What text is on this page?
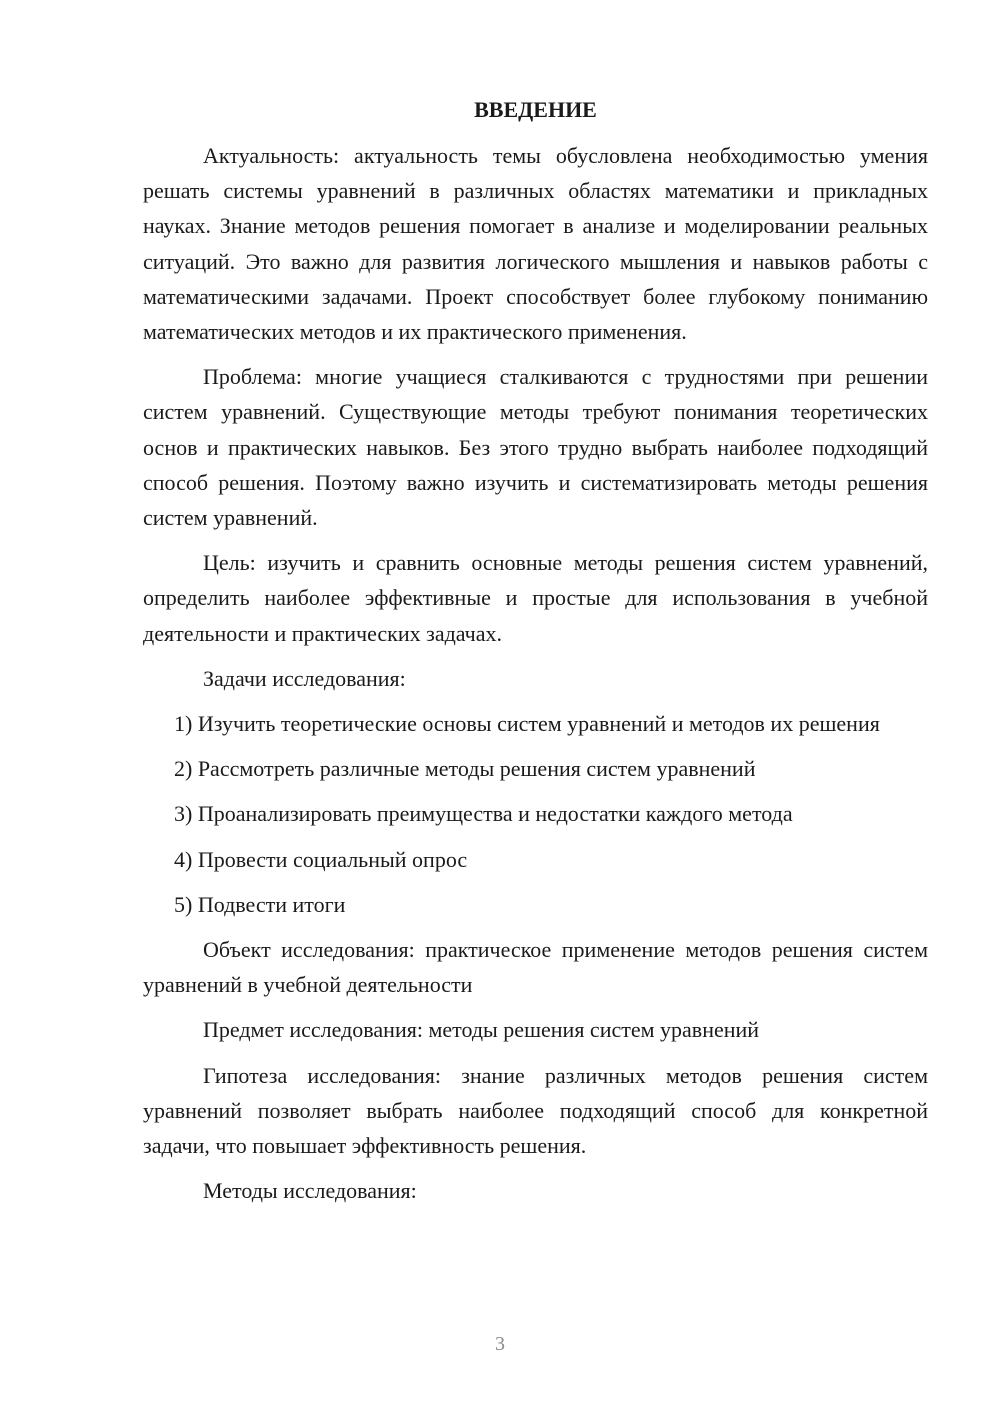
ВВЕДЕНИЕ

Актуальность: актуальность темы обусловлена необходимостью умения решать системы уравнений в различных областях математики и прикладных науках. Знание методов решения помогает в анализе и моделировании реальных ситуаций. Это важно для развития логического мышления и навыков работы с математическими задачами. Проект способствует более глубокому пониманию математических методов и их практического применения.

Проблема: многие учащиеся сталкиваются с трудностями при решении систем уравнений. Существующие методы требуют понимания теоретических основ и практических навыков. Без этого трудно выбрать наиболее подходящий способ решения. Поэтому важно изучить и систематизировать методы решения систем уравнений.

Цель: изучить и сравнить основные методы решения систем уравнений, определить наиболее эффективные и простые для использования в учебной деятельности и практических задачах.

Задачи исследования:

1) Изучить теоретические основы систем уравнений и методов их решения

2) Рассмотреть различные методы решения систем уравнений

3) Проанализировать преимущества и недостатки каждого метода

4) Провести социальный опрос

5) Подвести итоги

Объект исследования: практическое применение методов решения систем уравнений в учебной деятельности

Предмет исследования: методы решения систем уравнений

Гипотеза исследования: знание различных методов решения систем уравнений позволяет выбрать наиболее подходящий способ для конкретной задачи, что повышает эффективность решения.

Методы исследования:

3
